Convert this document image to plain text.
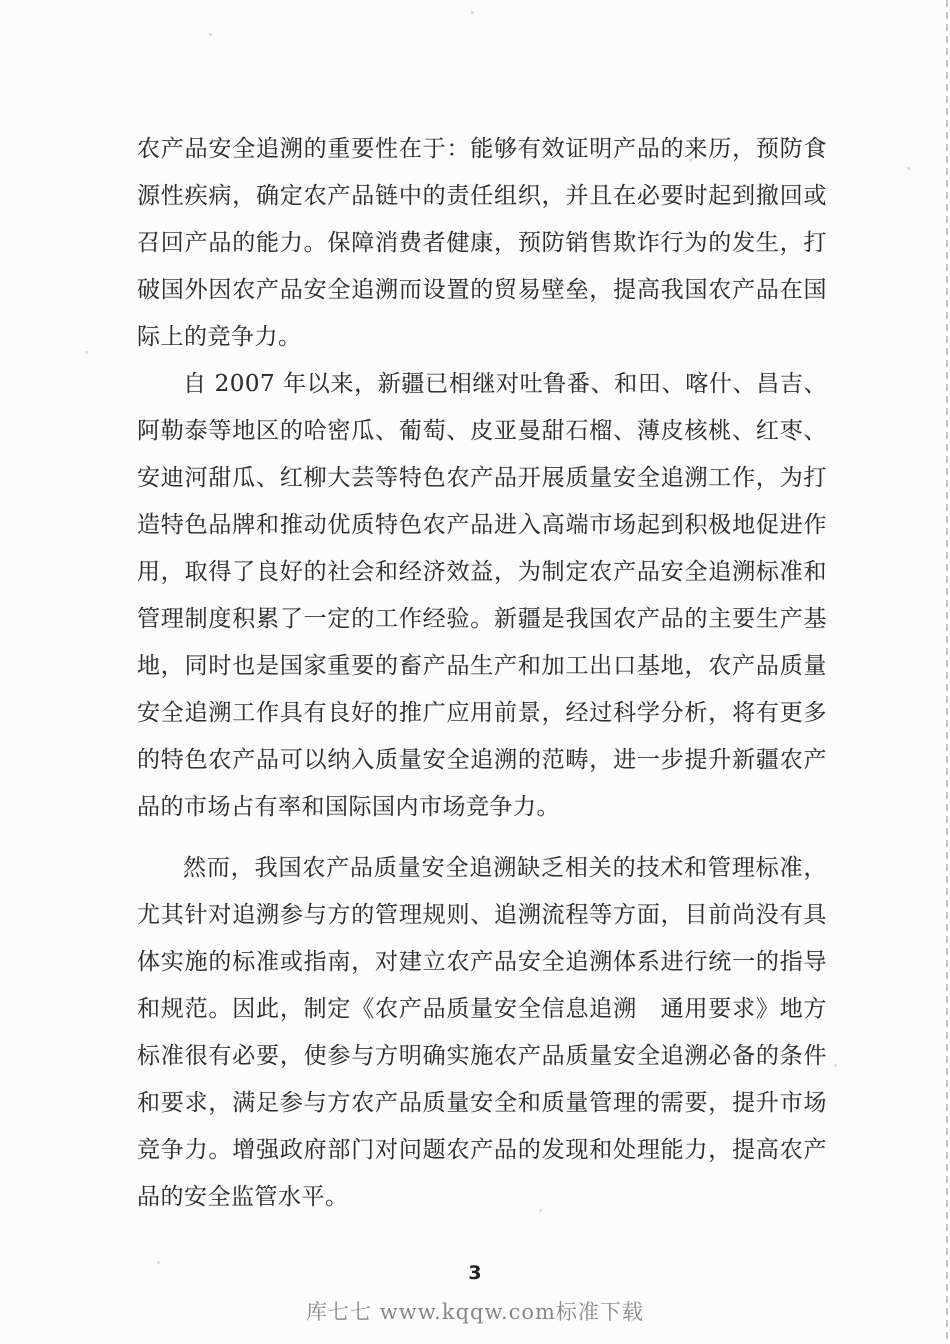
农产品安全追溯的重要性在于：能够有效证明产品的来历，预防食源性疾病，确定农产品链中的责任组织，并且在必要时起到撤回或召回产品的能力。保障消费者健康，预防销售欺诈行为的发生，打破国外因农产品安全追溯而设置的贸易壁垒，提高我国农产品在国际上的竞争力。

自 2007 年以来，新疆已相继对吐鲁番、和田、喀什、昌吉、阿勒泰等地区的哈密瓜、葡萄、皮亚曼甜石榴、薄皮核桃、红枣、安迪河甜瓜、红柳大芸等特色农产品开展质量安全追溯工作，为打造特色品牌和推动优质特色农产品进入高端市场起到积极地促进作用，取得了良好的社会和经济效益，为制定农产品安全追溯标准和管理制度积累了一定的工作经验。新疆是我国农产品的主要生产基地，同时也是国家重要的畜产品生产和加工出口基地，农产品质量安全追溯工作具有良好的推广应用前景，经过科学分析，将有更多的特色农产品可以纳入质量安全追溯的范畴，进一步提升新疆农产品的市场占有率和国际国内市场竞争力。

然而，我国农产品质量安全追溯缺乏相关的技术和管理标准，尤其针对追溯参与方的管理规则、追溯流程等方面，目前尚没有具体实施的标准或指南，对建立农产品安全追溯体系进行统一的指导和规范。因此，制定《农产品质量安全信息追溯　通用要求》地方标准很有必要，使参与方明确实施农产品质量安全追溯必备的条件和要求，满足参与方农产品质量安全和质量管理的需要，提升市场竞争力。增强政府部门对问题农产品的发现和处理能力，提高农产品的安全监管水平。

3
库七七 www.kqqw.com标准下载
